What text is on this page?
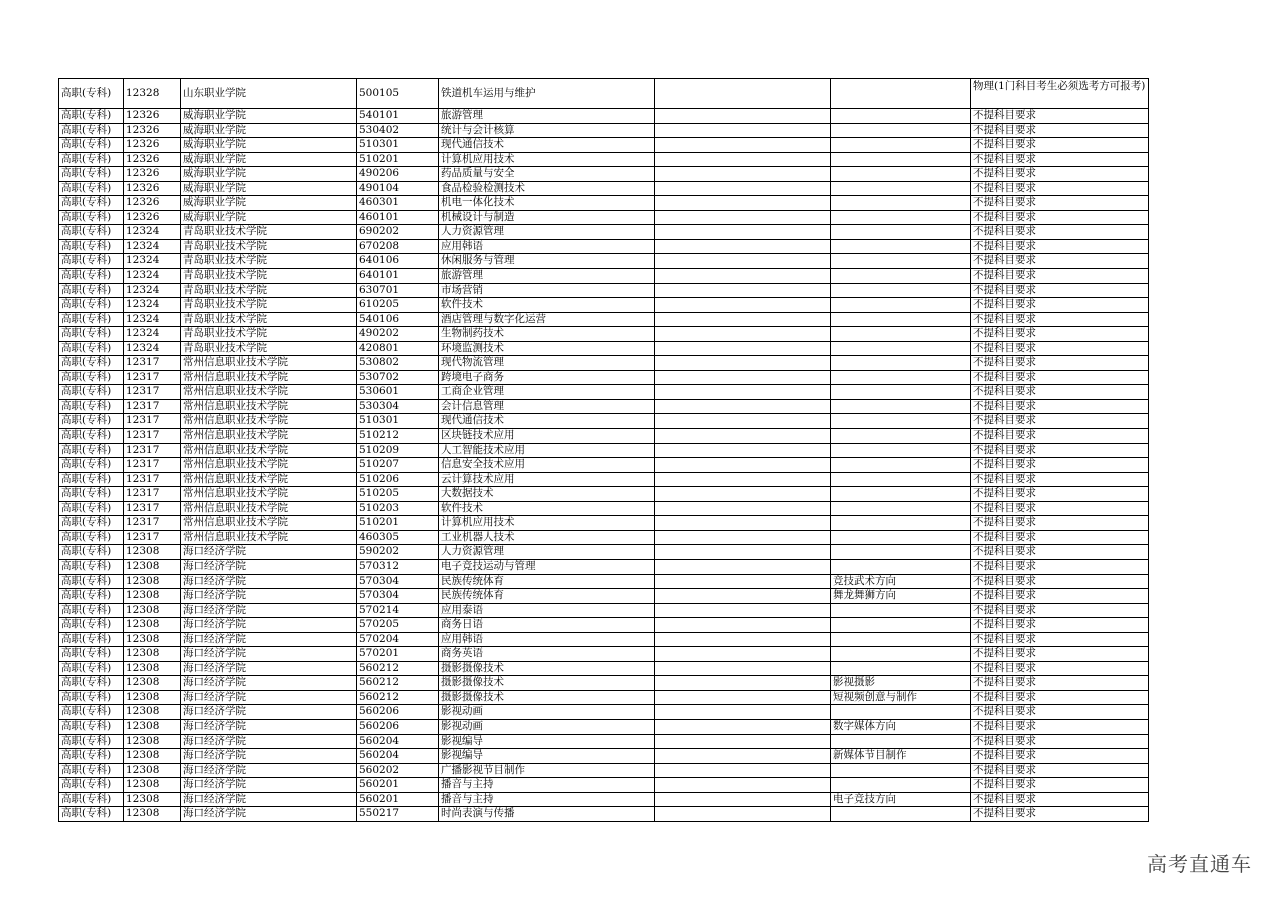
高职(专科)	12328	山东职业学院	500105	铁道机车运用与维护			物理(1门科目考生必须选考方可报考)
高职(专科)	12326	威海职业学院	540101	旅游管理			不提科目要求
高职(专科)	12326	威海职业学院	530402	统计与会计核算			不提科目要求
高职(专科)	12326	威海职业学院	510301	现代通信技术			不提科目要求
高职(专科)	12326	威海职业学院	510201	计算机应用技术			不提科目要求
高职(专科)	12326	威海职业学院	490206	药品质量与安全			不提科目要求
高职(专科)	12326	威海职业学院	490104	食品检验检测技术			不提科目要求
高职(专科)	12326	威海职业学院	460301	机电一体化技术			不提科目要求
高职(专科)	12326	威海职业学院	460101	机械设计与制造			不提科目要求
高职(专科)	12324	青岛职业技术学院	690202	人力资源管理			不提科目要求
高职(专科)	12324	青岛职业技术学院	670208	应用韩语			不提科目要求
高职(专科)	12324	青岛职业技术学院	640106	休闲服务与管理			不提科目要求
高职(专科)	12324	青岛职业技术学院	640101	旅游管理			不提科目要求
高职(专科)	12324	青岛职业技术学院	630701	市场营销			不提科目要求
高职(专科)	12324	青岛职业技术学院	610205	软件技术			不提科目要求
高职(专科)	12324	青岛职业技术学院	540106	酒店管理与数字化运营			不提科目要求
高职(专科)	12324	青岛职业技术学院	490202	生物制药技术			不提科目要求
高职(专科)	12324	青岛职业技术学院	420801	环境监测技术			不提科目要求
高职(专科)	12317	常州信息职业技术学院	530802	现代物流管理			不提科目要求
高职(专科)	12317	常州信息职业技术学院	530702	跨境电子商务			不提科目要求
高职(专科)	12317	常州信息职业技术学院	530601	工商企业管理			不提科目要求
高职(专科)	12317	常州信息职业技术学院	530304	会计信息管理			不提科目要求
高职(专科)	12317	常州信息职业技术学院	510301	现代通信技术			不提科目要求
高职(专科)	12317	常州信息职业技术学院	510212	区块链技术应用			不提科目要求
高职(专科)	12317	常州信息职业技术学院	510209	人工智能技术应用			不提科目要求
高职(专科)	12317	常州信息职业技术学院	510207	信息安全技术应用			不提科目要求
高职(专科)	12317	常州信息职业技术学院	510206	云计算技术应用			不提科目要求
高职(专科)	12317	常州信息职业技术学院	510205	大数据技术			不提科目要求
高职(专科)	12317	常州信息职业技术学院	510203	软件技术			不提科目要求
高职(专科)	12317	常州信息职业技术学院	510201	计算机应用技术			不提科目要求
高职(专科)	12317	常州信息职业技术学院	460305	工业机器人技术			不提科目要求
高职(专科)	12308	海口经济学院	590202	人力资源管理			不提科目要求
高职(专科)	12308	海口经济学院	570312	电子竞技运动与管理			不提科目要求
高职(专科)	12308	海口经济学院	570304	民族传统体育		竞技武术方向	不提科目要求
高职(专科)	12308	海口经济学院	570304	民族传统体育		舞龙舞狮方向	不提科目要求
高职(专科)	12308	海口经济学院	570214	应用泰语			不提科目要求
高职(专科)	12308	海口经济学院	570205	商务日语			不提科目要求
高职(专科)	12308	海口经济学院	570204	应用韩语			不提科目要求
高职(专科)	12308	海口经济学院	570201	商务英语			不提科目要求
高职(专科)	12308	海口经济学院	560212	摄影摄像技术			不提科目要求
高职(专科)	12308	海口经济学院	560212	摄影摄像技术		影视摄影	不提科目要求
高职(专科)	12308	海口经济学院	560212	摄影摄像技术		短视频创意与制作	不提科目要求
高职(专科)	12308	海口经济学院	560206	影视动画			不提科目要求
高职(专科)	12308	海口经济学院	560206	影视动画		数字媒体方向	不提科目要求
高职(专科)	12308	海口经济学院	560204	影视编导			不提科目要求
高职(专科)	12308	海口经济学院	560204	影视编导		新媒体节目制作	不提科目要求
高职(专科)	12308	海口经济学院	560202	广播影视节目制作			不提科目要求
高职(专科)	12308	海口经济学院	560201	播音与主持			不提科目要求
高职(专科)	12308	海口经济学院	560201	播音与主持		电子竞技方向	不提科目要求
高职(专科)	12308	海口经济学院	550217	时尚表演与传播			不提科目要求
高考直通车
